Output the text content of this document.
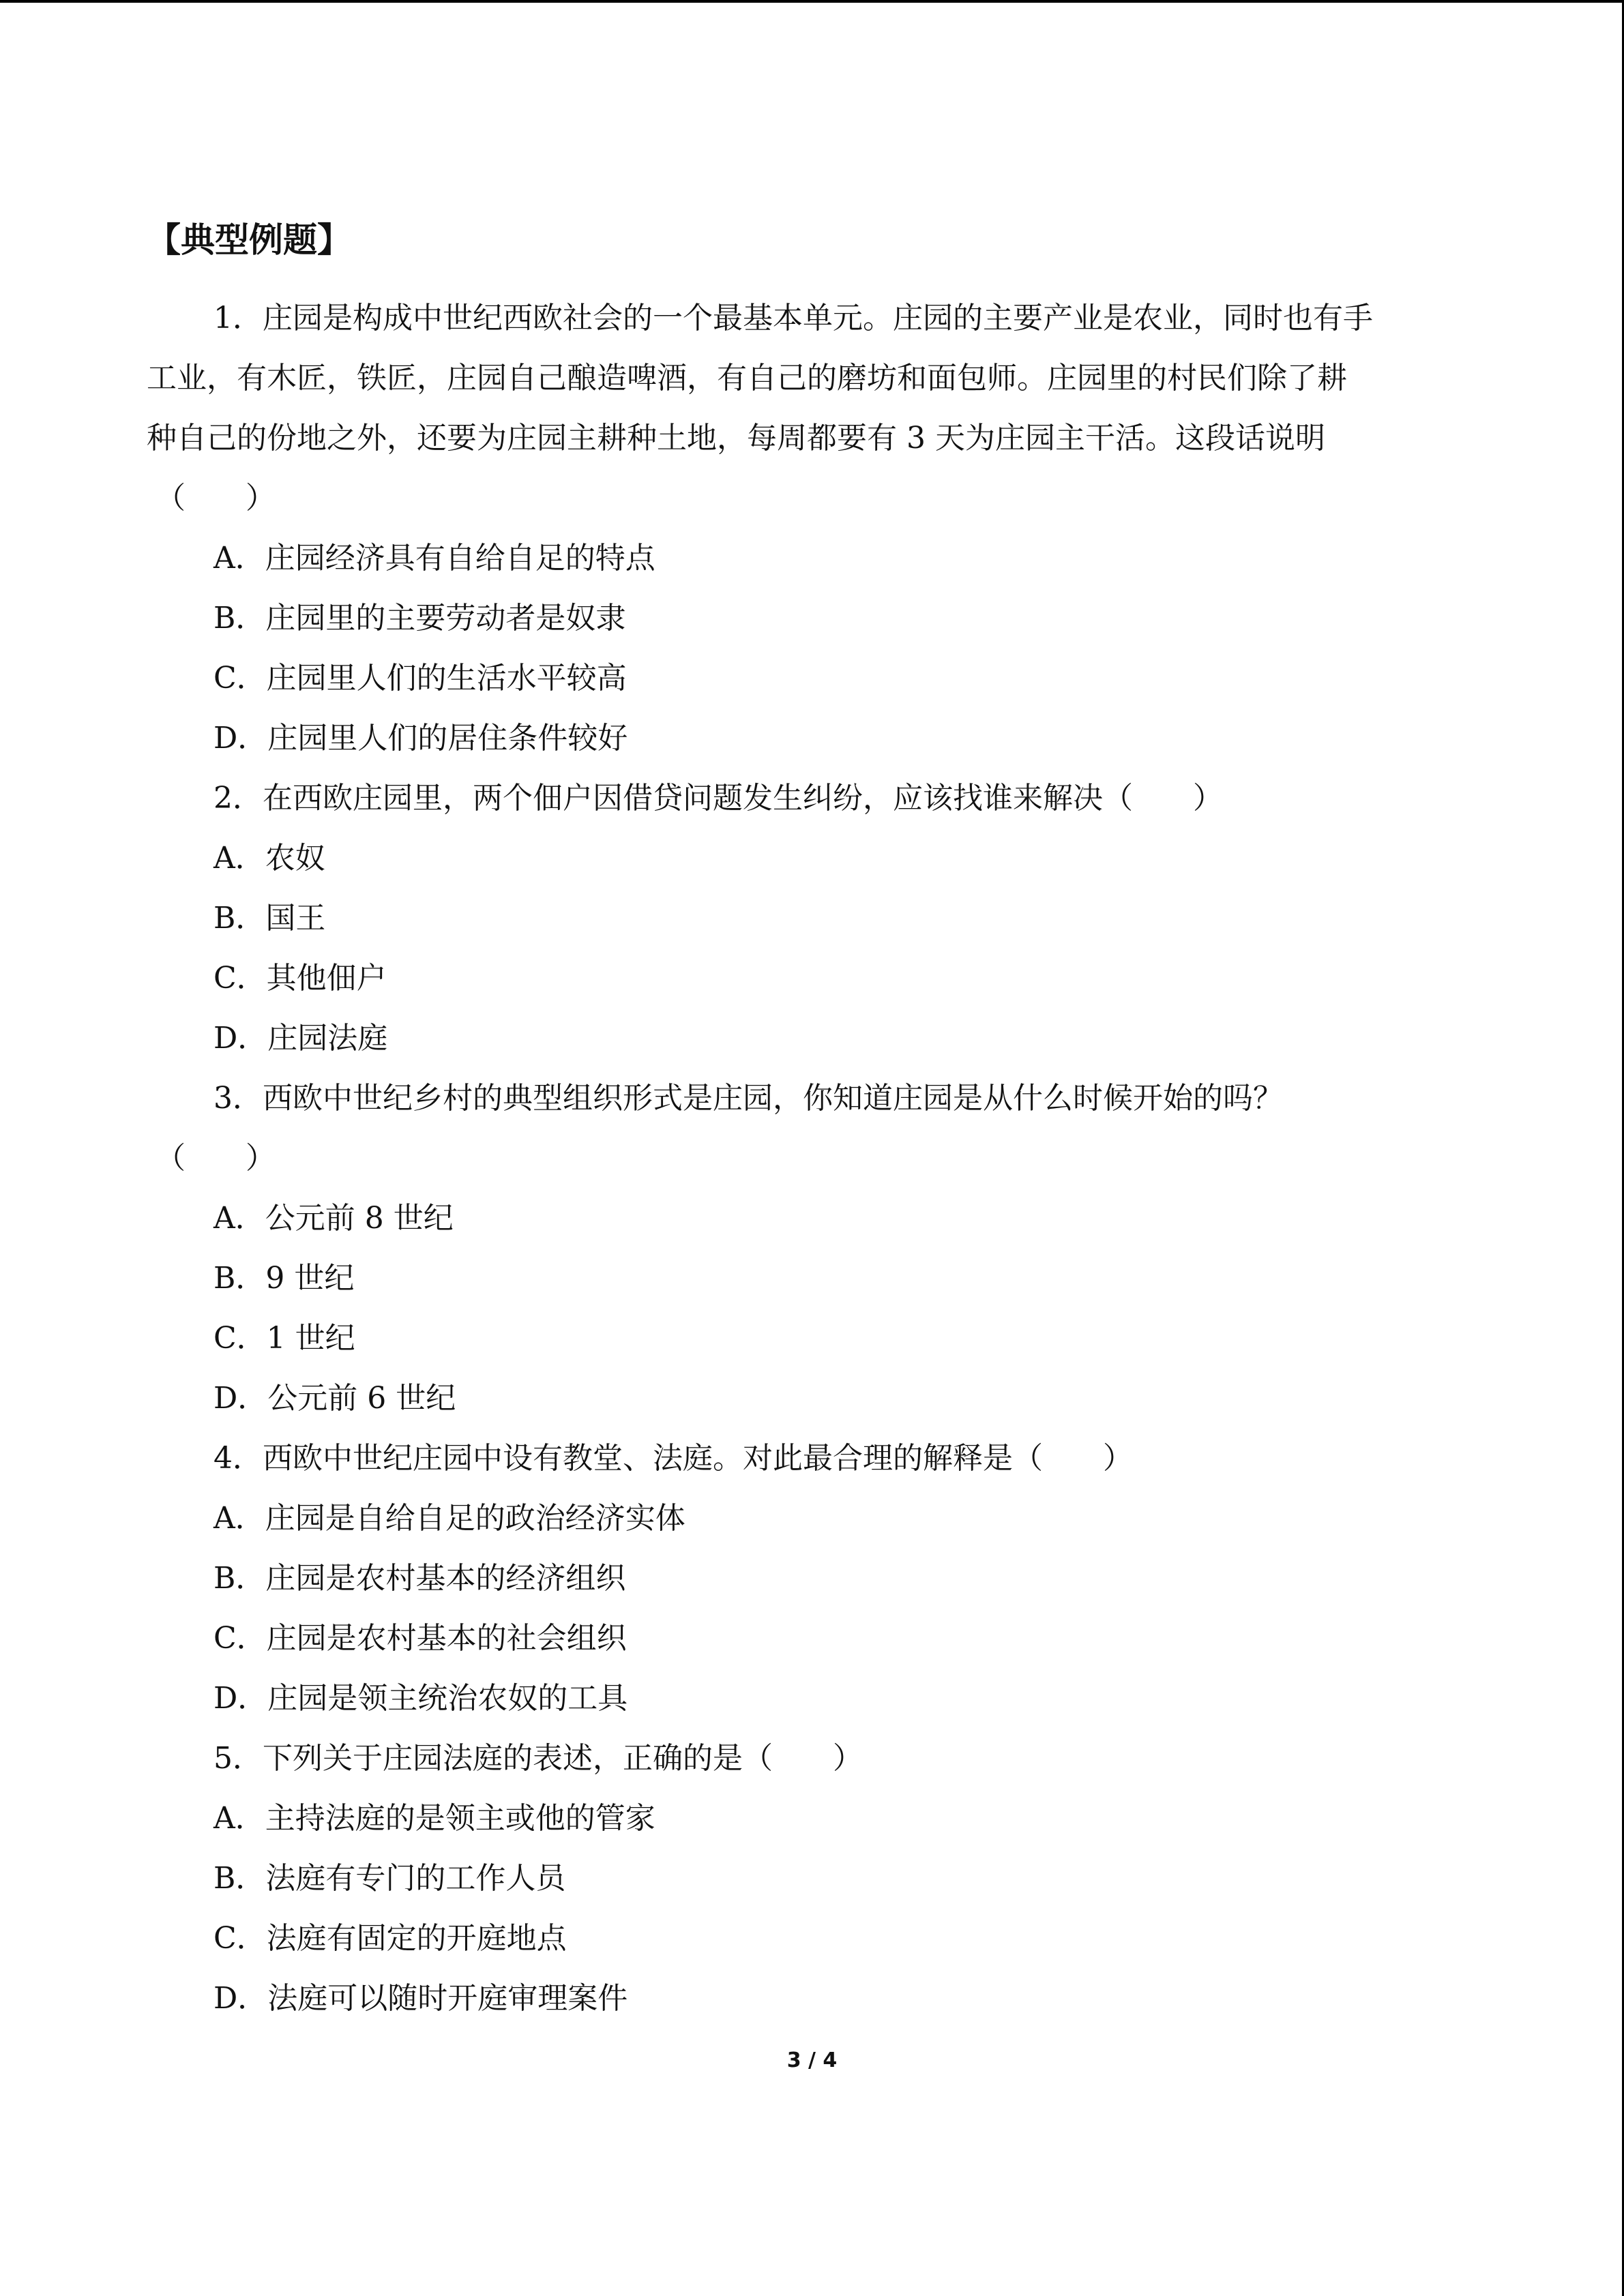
【典型例题】
1．庄园是构成中世纪西欧社会的一个最基本单元。庄园的主要产业是农业，同时也有手
工业，有木匠，铁匠，庄园自己酿造啤酒，有自己的磨坊和面包师。庄园里的村民们除了耕
种自己的份地之外，还要为庄园主耕种土地，每周都要有 3 天为庄园主干活。这段话说明
（　　）
A．庄园经济具有自给自足的特点
B．庄园里的主要劳动者是奴隶
C．庄园里人们的生活水平较高
D．庄园里人们的居住条件较好
2．在西欧庄园里，两个佃户因借贷问题发生纠纷，应该找谁来解决（　　）
A．农奴
B．国王
C．其他佃户
D．庄园法庭
3．西欧中世纪乡村的典型组织形式是庄园，你知道庄园是从什么时候开始的吗？
（　　）
A．公元前 8 世纪
B．9 世纪
C．1 世纪
D．公元前 6 世纪
4．西欧中世纪庄园中设有教堂、法庭。对此最合理的解释是（　　）
A．庄园是自给自足的政治经济实体
B．庄园是农村基本的经济组织
C．庄园是农村基本的社会组织
D．庄园是领主统治农奴的工具
5．下列关于庄园法庭的表述，正确的是（　　）
A．主持法庭的是领主或他的管家
B．法庭有专门的工作人员
C．法庭有固定的开庭地点
D．法庭可以随时开庭审理案件
3 / 4
